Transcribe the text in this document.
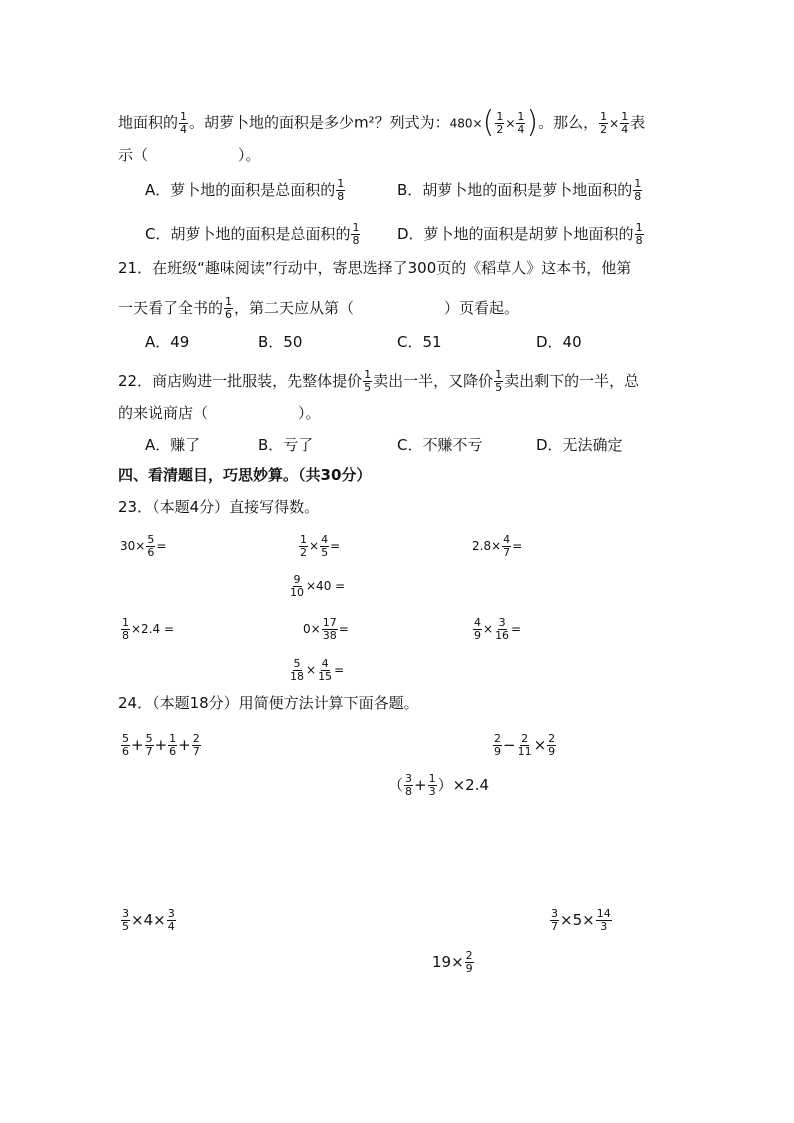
地面积的 $\frac{1}{4}$ 。胡萝卜地的面积是多少m²？列式为：$480\times( \frac{1}{2} \times \frac{1}{4}$ )。那么， $\frac{1}{2} \times \frac{1}{4}$ 表
示（	）。
A．萝卜地的面积是总面积的 $\frac{1}{8}$	B．胡萝卜地的面积是萝卜地面积的 $\frac{1}{8}$
C．胡萝卜地的面积是总面积的 $\frac{1}{8}$ D．萝卜地的面积是胡萝卜地面积的 $\frac{1}{8}$
21．在班级“趣味阅读”行动中，寄思选择了300页的《稻草人》这本书，他第
一天看了全书的 $\frac{1}{6}$ ，第二天应从第（	）页看起。
A．49	B．50	C．51	D．40
22．商店购进一批服装，先整体提价 $\frac{1}{5}$ 卖出一半，又降价 $\frac{1}{5}$ 卖出剩下的一半，总
的来说商店（	）。
A．赚了	B．亏了	C．不赚不亏	D．无法确定
四、看清题目，巧思妙算。（共30分）
23．（本题4分）直接写得数。
$30\times \frac{5}{6}$ =	$\frac{1}{2} \times \frac{4}{5}$ =	$2.8\times \frac{4}{7}$ =
$\frac{9}{10} \times 40$ =
$\frac{1}{8} \times 2.4$ =	$0\times \frac{17}{38}$ =	$\frac{4}{9} \times \frac{3}{16}$ =
$\frac{5}{18} \times \frac{4}{15}$ =
24．（本题18分）用简便方法计算下面各题。
$\frac{5}{6} + \frac{5}{7} + \frac{1}{6} + \frac{2}{7}$	$\frac{2}{9} - \frac{2}{11} \times \frac{2}{9}$
（ $\frac{3}{8} + \frac{1}{3} )\times 2.4$
$\frac{3}{5} \times 4\times \frac{3}{4}$	$\frac{3}{7} \times 5\times \frac{14}{3}$
$19\times \frac{2}{9}$
